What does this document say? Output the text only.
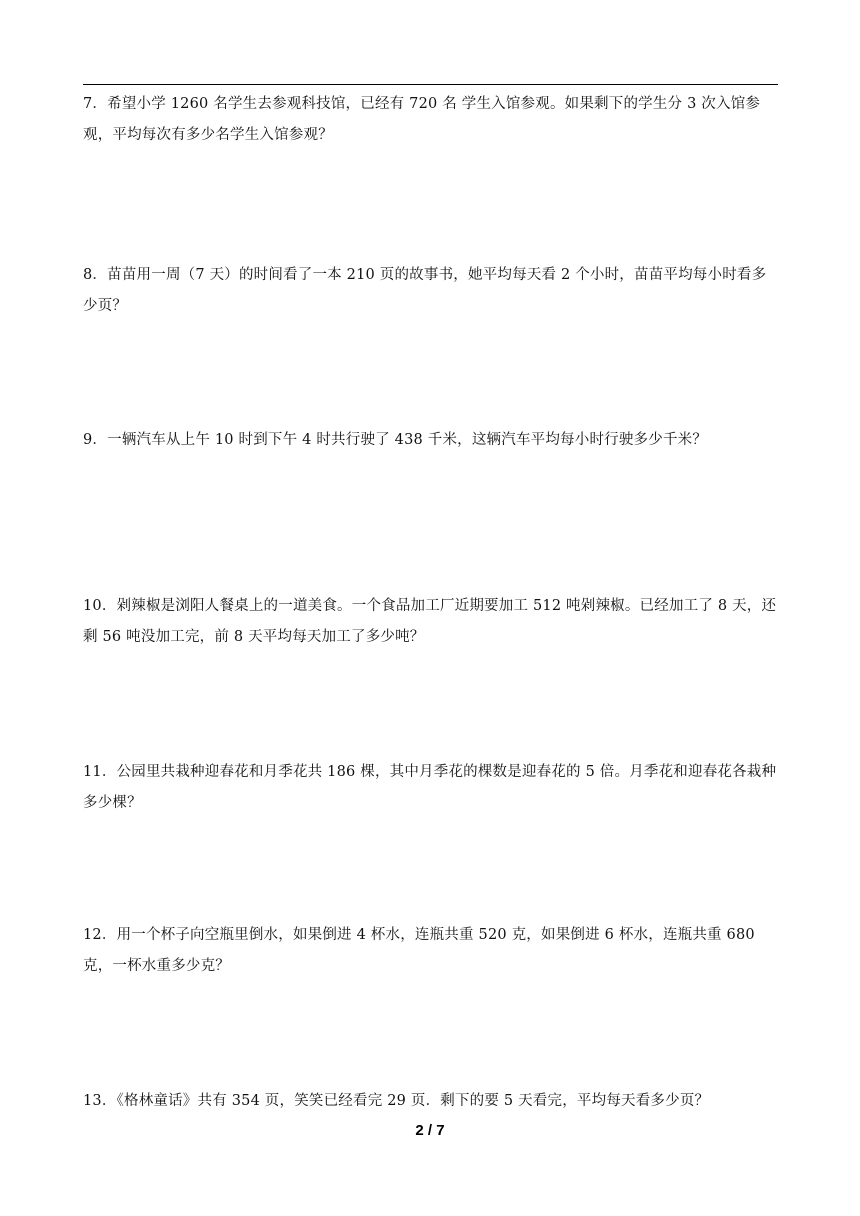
7．希望小学 1260 名学生去参观科技馆，已经有 720 名 学生入馆参观。如果剩下的学生分 3 次入馆参观，平均每次有多少名学生入馆参观？
8．苗苗用一周（7 天）的时间看了一本 210 页的故事书，她平均每天看 2 个小时，苗苗平均每小时看多少页？
9．一辆汽车从上午 10 时到下午 4 时共行驶了 438 千米，这辆汽车平均每小时行驶多少千米？
10．剁辣椒是浏阳人餐桌上的一道美食。一个食品加工厂近期要加工 512 吨剁辣椒。已经加工了 8 天，还剩 56 吨没加工完，前 8 天平均每天加工了多少吨？
11．公园里共栽种迎春花和月季花共 186 棵，其中月季花的棵数是迎春花的 5 倍。月季花和迎春花各栽种多少棵？
12．用一个杯子向空瓶里倒水，如果倒进 4 杯水，连瓶共重 520 克，如果倒进 6 杯水，连瓶共重 680 克，一杯水重多少克？
13．《格林童话》共有 354 页，笑笑已经看完 29 页．剩下的要 5 天看完，平均每天看多少页？
2 / 7
